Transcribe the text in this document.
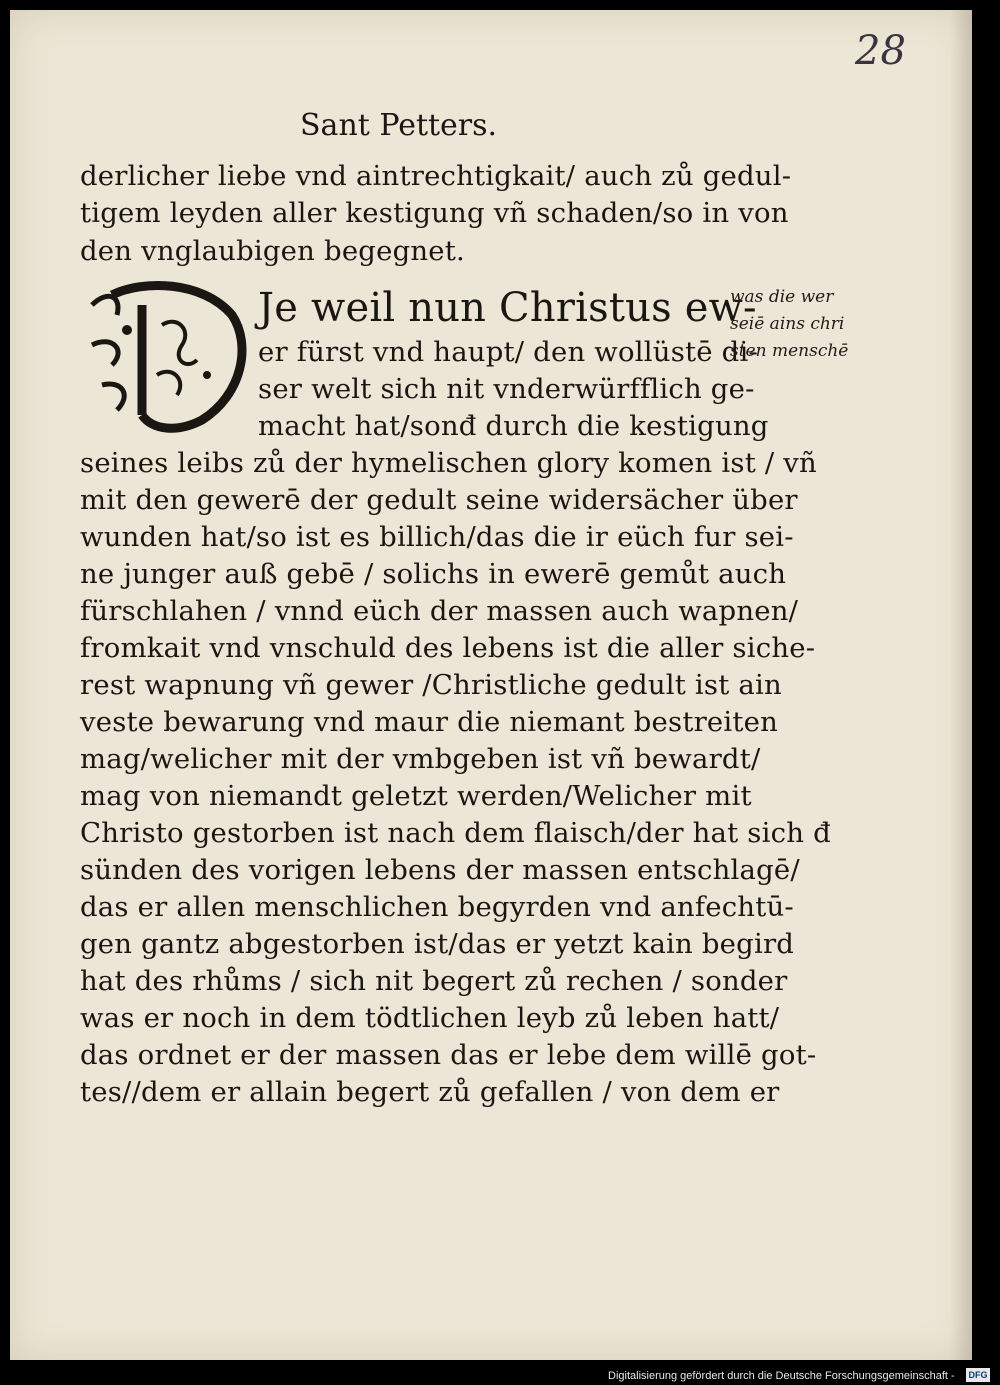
28
Sant Petters.
derlicher liebe vnd aintrechtigkait/ auch zů gedul-
tigem leyden aller kestigung vñ schaden/so in von
den vnglaubigen begegnet.
Je weil nun Christus ew-
er fürst vnd haupt/ den wollüstē di-
ser welt sich nit vnderwürfflich ge-
macht hat/sonđ durch die kestigung
seines leibs zů der hymelischen glory komen ist / vñ
mit den gewerē der gedult seine widersächer über
wunden hat/so ist es billich/das die ir eüch fur sei-
ne junger auß gebē / solichs in ewerē gemůt auch
fürschlahen / vnnd eüch der massen auch wapnen/
fromkait vnd vnschuld des lebens ist die aller siche-
rest wapnung vñ gewer /Christliche gedult ist ain
veste bewarung vnd maur die niemant bestreiten
mag/welicher mit der vmbgeben ist vñ bewardt/
mag von niemandt geletzt werden/Welicher mit
Christo gestorben ist nach dem flaisch/der hat sich đ
sünden des vorigen lebens der massen entschlagē/
das er allen menschlichen begyrden vnd anfechtū-
gen gantz abgestorben ist/das er yetzt kain begird
hat des rhůms / sich nit begert zů rechen / sonder
was er noch in dem tödtlichen leyb zů leben hatt/
das ordnet er der massen das er lebe dem willē got-
tes//dem er allain begert zů gefallen / von dem er
was die wer
seiē ains chri
sten menschē
Digitalisierung gefördert durch die Deutsche Forschungsgemeinschaft - DFG
